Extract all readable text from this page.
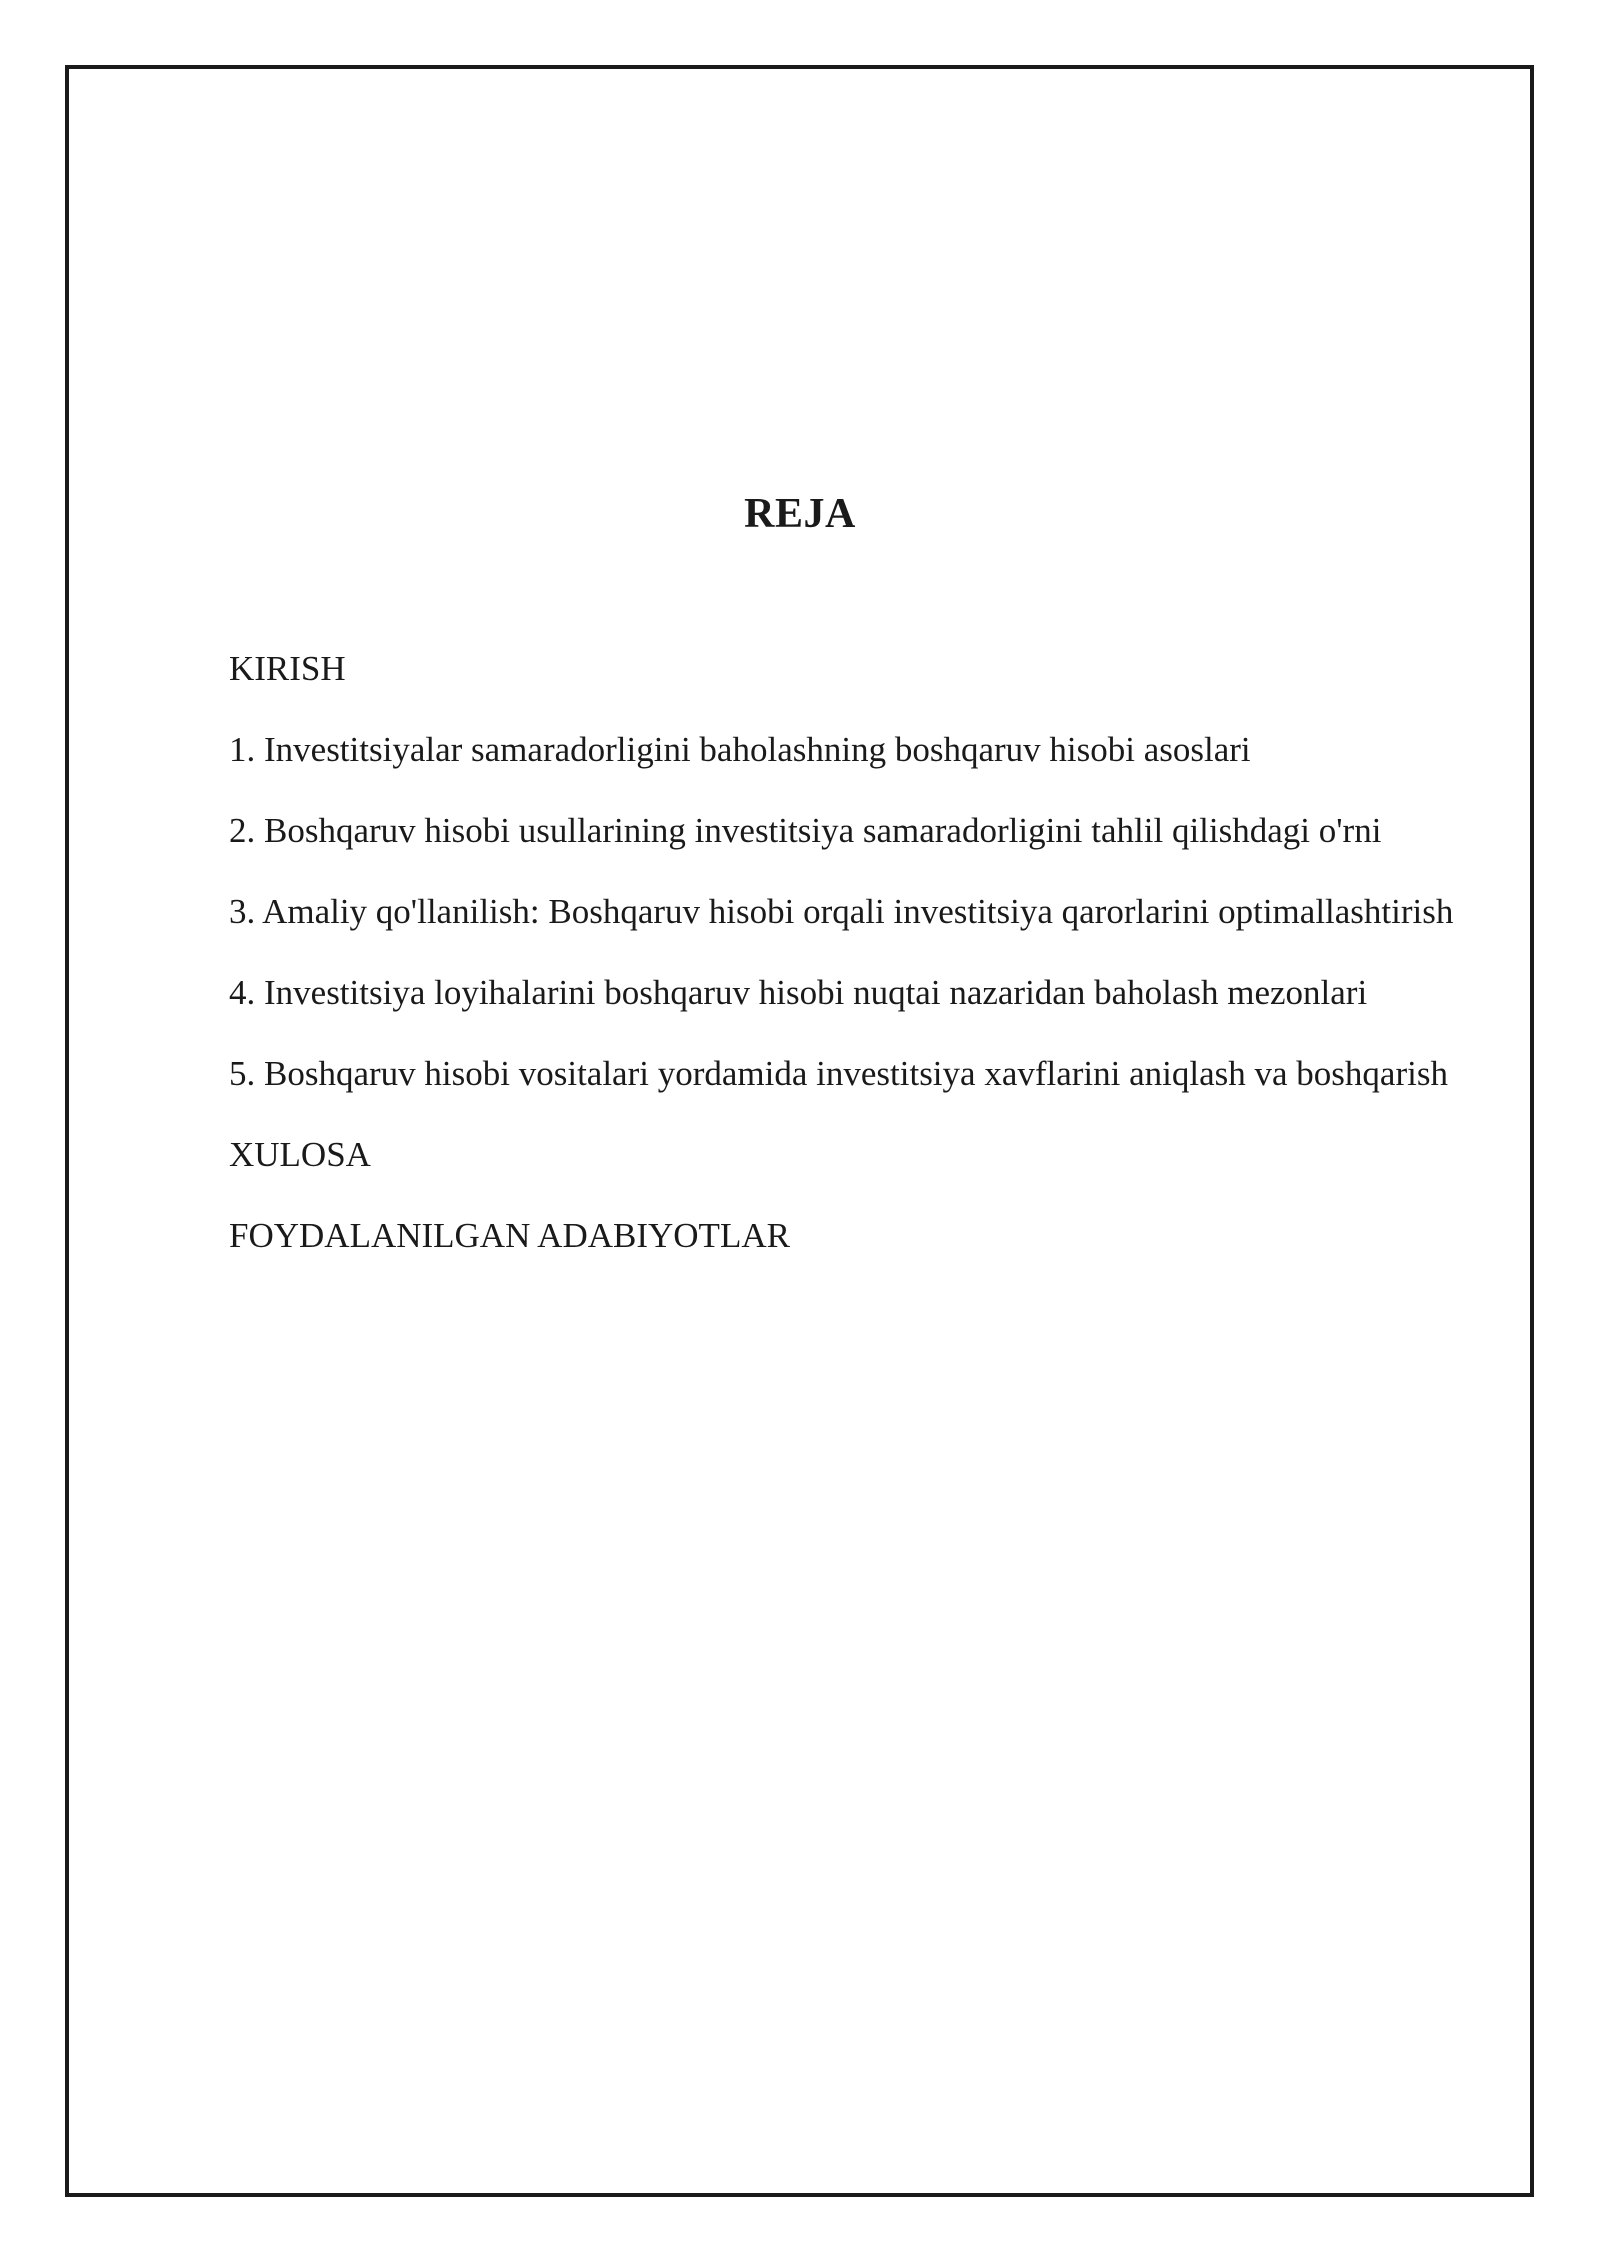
REJA
KIRISH
1. Investitsiyalar samaradorligini baholashning boshqaruv hisobi asoslari
2. Boshqaruv hisobi usullarining investitsiya samaradorligini tahlil qilishdagi o'rni
3. Amaliy qo'llanilish: Boshqaruv hisobi orqali investitsiya qarorlarini optimallashtirish
4. Investitsiya loyihalarini boshqaruv hisobi nuqtai nazaridan baholash mezonlari
5. Boshqaruv hisobi vositalari yordamida investitsiya xavflarini aniqlash va boshqarish
XULOSA
FOYDALANILGAN ADABIYOTLAR
